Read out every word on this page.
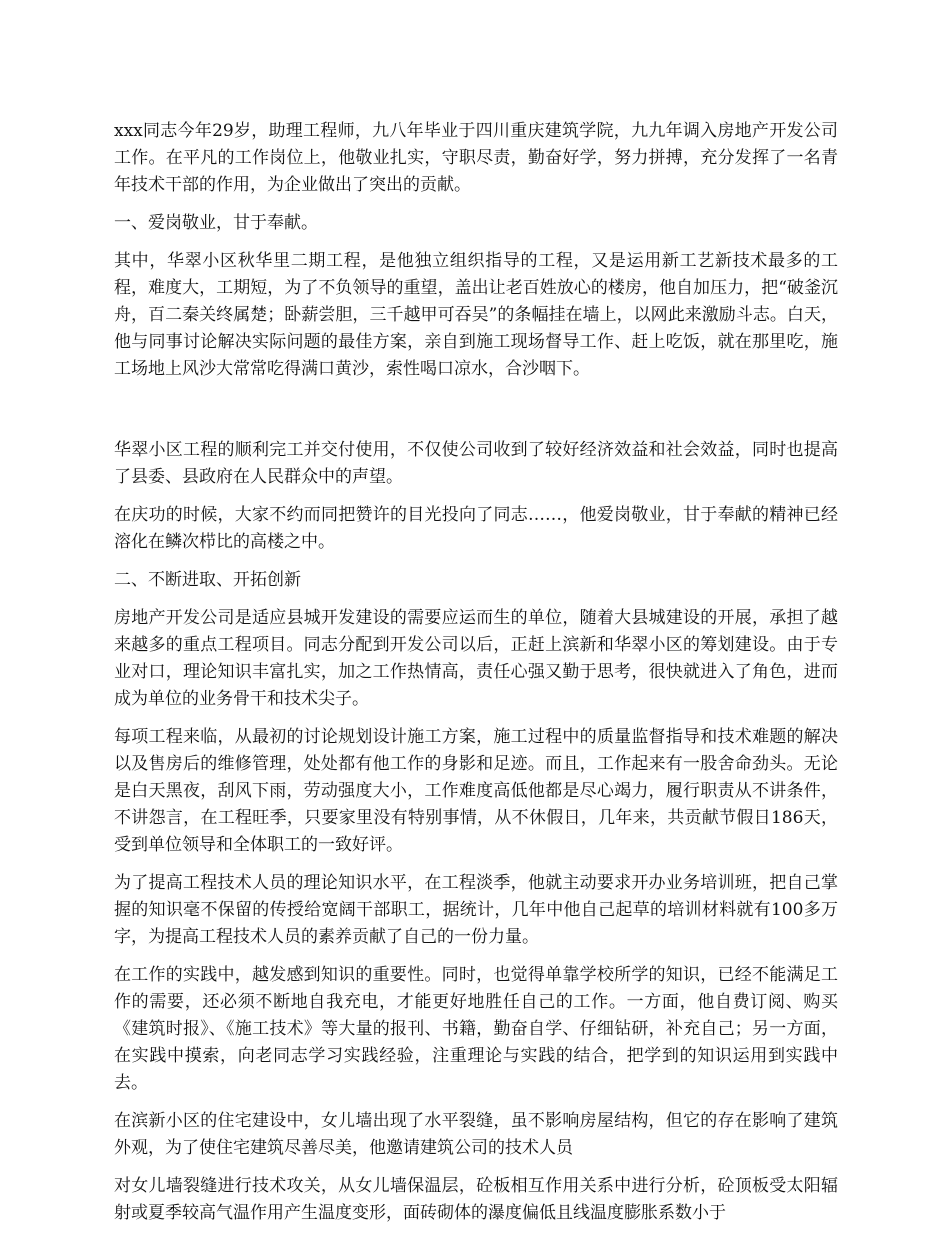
xxx同志今年29岁，助理工程师，九八年毕业于四川重庆建筑学院，九九年调入房地产开发公司工作。在平凡的工作岗位上，他敬业扎实，守职尽责，勤奋好学，努力拼搏，充分发挥了一名青年技术干部的作用，为企业做出了突出的贡献。

一、爱岗敬业，甘于奉献。

其中，华翠小区秋华里二期工程，是他独立组织指导的工程，又是运用新工艺新技术最多的工程，难度大，工期短，为了不负领导的重望，盖出让老百姓放心的楼房，他自加压力，把“破釜沉舟，百二秦关终属楚；卧薪尝胆，三千越甲可吞吴”的条幅挂在墙上，以网此来激励斗志。白天，他与同事讨论解决实际问题的最佳方案，亲自到施工现场督导工作、赶上吃饭，就在那里吃，施工场地上风沙大常常吃得满口黄沙，索性喝口凉水，合沙咽下。

华翠小区工程的顺利完工并交付使用，不仅使公司收到了较好经济效益和社会效益，同时也提高了县委、县政府在人民群众中的声望。

在庆功的时候，大家不约而同把赞许的目光投向了同志……，他爱岗敬业，甘于奉献的精神已经溶化在鳞次栉比的高楼之中。

二、不断进取、开拓创新

房地产开发公司是适应县城开发建设的需要应运而生的单位，随着大县城建设的开展，承担了越来越多的重点工程项目。同志分配到开发公司以后，正赶上滨新和华翠小区的筹划建设。由于专业对口，理论知识丰富扎实，加之工作热情高，责任心强又勤于思考，很快就进入了角色，进而成为单位的业务骨干和技术尖子。

每项工程来临，从最初的讨论规划设计施工方案，施工过程中的质量监督指导和技术难题的解决以及售房后的维修管理，处处都有他工作的身影和足迹。而且，工作起来有一股舍命劲头。无论是白天黑夜，刮风下雨，劳动强度大小，工作难度高低他都是尽心竭力，履行职责从不讲条件，不讲怨言，在工程旺季，只要家里没有特别事情，从不休假日，几年来，共贡献节假日186天，受到单位领导和全体职工的一致好评。

为了提高工程技术人员的理论知识水平，在工程淡季，他就主动要求开办业务培训班，把自己掌握的知识毫不保留的传授给宽阔干部职工，据统计，几年中他自己起草的培训材料就有100多万字，为提高工程技术人员的素养贡献了自己的一份力量。

在工作的实践中，越发感到知识的重要性。同时，也觉得单靠学校所学的知识，已经不能满足工作的需要，还必须不断地自我充电，才能更好地胜任自己的工作。一方面，他自费订阅、购买《建筑时报》、《施工技术》等大量的报刊、书籍，勤奋自学、仔细钻研，补充自己；另一方面，在实践中摸索，向老同志学习实践经验，注重理论与实践的结合，把学到的知识运用到实践中去。

在滨新小区的住宅建设中，女儿墙出现了水平裂缝，虽不影响房屋结构，但它的存在影响了建筑外观，为了使住宅建筑尽善尽美，他邀请建筑公司的技术人员

对女儿墙裂缝进行技术攻关，从女儿墙保温层，砼板相互作用关系中进行分析，砼顶板受太阳辐射或夏季较高气温作用产生温度变形，面砖砌体的瀑度偏低且线温度膨胀系数小于
